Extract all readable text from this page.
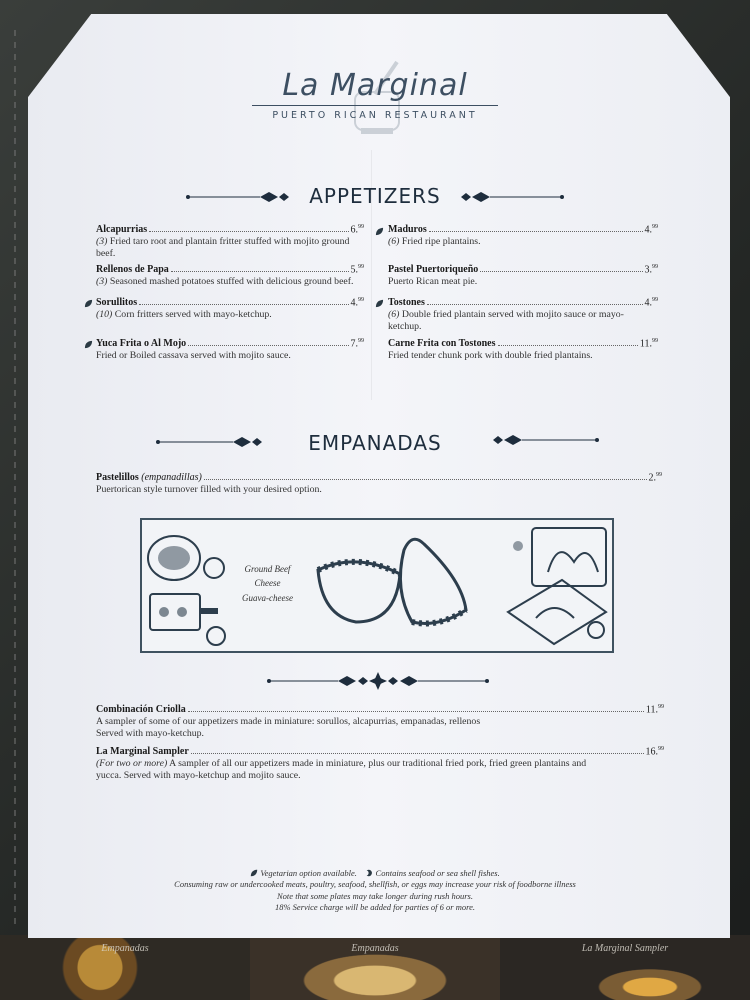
Empanadas	Empanadas	La Marginal Sampler
La Marginal
PUERTO RICAN RESTAURANT
APPETIZERS
Alcapurrias	6.99
(3) Fried taro root and plantain fritter stuffed with mojito ground beef.
Rellenos de Papa	5.99
(3) Seasoned mashed potatoes stuffed with delicious ground beef.
Sorullitos	4.99
(10) Corn fritters served with mayo-ketchup.
Yuca Frita o Al Mojo	7.99
Fried or Boiled cassava served with mojito sauce.
Maduros	4.99
(6) Fried ripe plantains.
Pastel Puertoriqueño	3.99
Puerto Rican meat pie.
Tostones	4.99
(6) Double fried plantain served with mojito sauce or mayo-ketchup.
Carne Frita con Tostones	11.99
Fried tender chunk pork with double fried plantains.
EMPANADAS
Pastelillos (empanadillas)	2.99
Puertorican style turnover filled with your desired option.
Ground Beef
Cheese
Guava-cheese
Combinación Criolla	11.99
A sampler of some of our appetizers made in miniature: sorullos, alcapurrias, empanadas, rellenos
Served with mayo-ketchup.
La Marginal Sampler	16.99
(For two or more) A sampler of all our appetizers made in miniature, plus our traditional fried pork, fried green plantains and
yucca. Served with mayo-ketchup and mojito sauce.
Vegetarian option available. Contains seafood or sea shell fishes.
Consuming raw or undercooked meats, poultry, seafood, shellfish, or eggs may increase your risk of foodborne illness
Note that some plates may take longer during rush hours.
18% Service charge will be added for parties of 6 or more.
